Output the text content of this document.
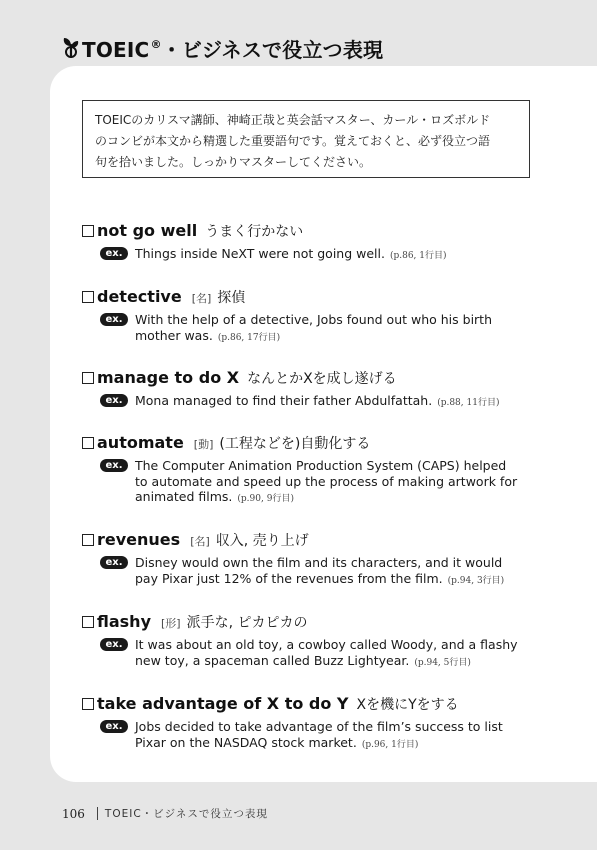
TOEIC®・ビジネスで役立つ表現
TOEICのカリスマ講師、神崎正哉と英会話マスター、カール・ロズボルド
のコンビが本文から精選した重要語句です。覚えておくと、必ず役立つ語
句を拾いました。しっかりマスターしてください。
not go well うまく行かない
ex. Things inside NeXT were not going well. (p.86, 1行目)
detective [名] 探偵
ex. With the help of a detective, Jobs found out who his birth
mother was. (p.86, 17行目)
manage to do X なんとかXを成し遂げる
ex. Mona managed to find their father Abdulfattah. (p.88, 11行目)
automate [動] (工程などを)自動化する
ex. The Computer Animation Production System (CAPS) helped
to automate and speed up the process of making artwork for
animated films. (p.90, 9行目)
revenues [名] 収入, 売り上げ
ex. Disney would own the film and its characters, and it would
pay Pixar just 12% of the revenues from the film. (p.94, 3行目)
flashy [形] 派手な, ピカピカの
ex. It was about an old toy, a cowboy called Woody, and a flashy
new toy, a spaceman called Buzz Lightyear. (p.94, 5行目)
take advantage of X to do Y Xを機にYをする
ex. Jobs decided to take advantage of the film’s success to list
Pixar on the NASDAQ stock market. (p.96, 1行目)
106 TOEIC・ビジネスで役立つ表現
